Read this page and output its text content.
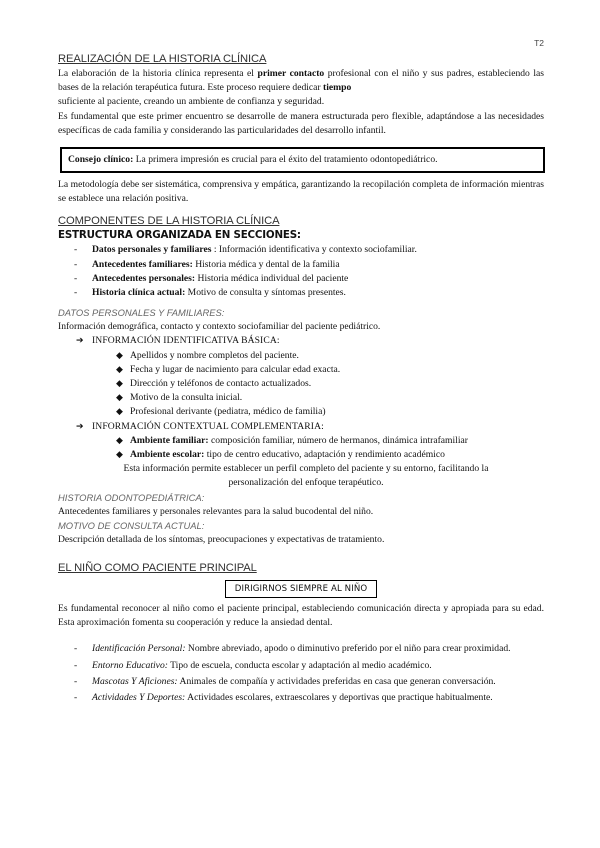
T2
REALIZACIÓN DE LA HISTORIA CLÍNICA

La elaboración de la historia clínica representa el primer contacto profesional con el niño y sus padres, estableciendo las bases de la relación terapéutica futura. Este proceso requiere dedicar tiempo

suficiente al paciente, creando un ambiente de confianza y seguridad.

Es fundamental que este primer encuentro se desarrolle de manera estructurada pero flexible, adaptándose a las necesidades específicas de cada familia y considerando las particularidades del desarrollo infantil.

Consejo clínico: La primera impresión es crucial para el éxito del tratamiento odontopediátrico.

La metodología debe ser sistemática, comprensiva y empática, garantizando la recopilación completa de información mientras se establece una relación positiva.

COMPONENTES DE LA HISTORIA CLÍNICA
ESTRUCTURA ORGANIZADA EN SECCIONES:
- Datos personales y familiares : Información identificativa y contexto sociofamiliar.
- Antecedentes familiares: Historia médica y dental de la familia
- Antecedentes personales: Historia médica individual del paciente
- Historia clínica actual: Motivo de consulta y síntomas presentes.
DATOS PERSONALES Y FAMILIARES:

Información demográfica, contacto y contexto sociofamiliar del paciente pediátrico.

➔ INFORMACIÓN IDENTIFICATIVA BÁSICA:
◆ Apellidos y nombre completos del paciente.
◆ Fecha y lugar de nacimiento para calcular edad exacta.
◆ Dirección y teléfonos de contacto actualizados.
◆ Motivo de la consulta inicial.
◆ Profesional derivante (pediatra, médico de familia)
➔ INFORMACIÓN CONTEXTUAL COMPLEMENTARIA:
◆ Ambiente familiar: composición familiar, número de hermanos, dinámica intrafamiliar
◆ Ambiente escolar: tipo de centro educativo, adaptación y rendimiento académico

Esta información permite establecer un perfil completo del paciente y su entorno, facilitando la

personalización del enfoque terapéutico.

HISTORIA ODONTOPEDIÁTRICA:

Antecedentes familiares y personales relevantes para la salud bucodental del niño.

MOTIVO DE CONSULTA ACTUAL:

Descripción detallada de los síntomas, preocupaciones y expectativas de tratamiento.

EL NIÑO COMO PACIENTE PRINCIPAL
DIRIGIRNOS SIEMPRE AL NIÑO

Es fundamental reconocer al niño como el paciente principal, estableciendo comunicación directa y apropiada para su edad. Esta aproximación fomenta su cooperación y reduce la ansiedad dental.

- Identificación Personal: Nombre abreviado, apodo o diminutivo preferido por el niño para crear proximidad.
- Entorno Educativo: Tipo de escuela, conducta escolar y adaptación al medio académico.
- Mascotas Y Aficiones: Animales de compañía y actividades preferidas en casa que generan conversación.
- Actividades Y Deportes: Actividades escolares, extraescolares y deportivas que practique habitualmente.
